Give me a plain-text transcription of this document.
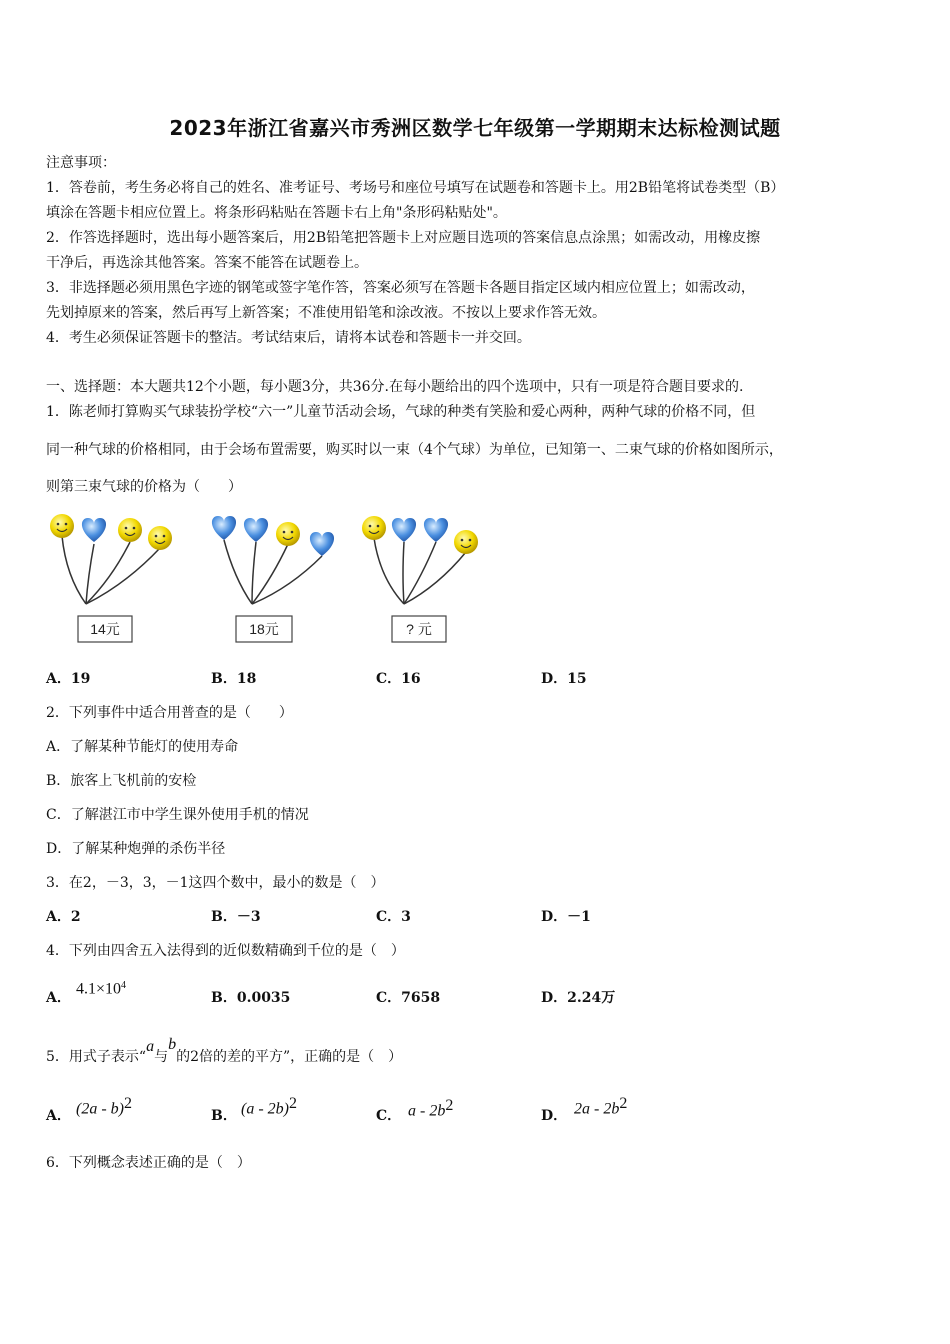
2023年浙江省嘉兴市秀洲区数学七年级第一学期期末达标检测试题
注意事项：
1．答卷前，考生务必将自己的姓名、准考证号、考场号和座位号填写在试题卷和答题卡上。用2B铅笔将试卷类型（B）
填涂在答题卡相应位置上。将条形码粘贴在答题卡右上角"条形码粘贴处"。
2．作答选择题时，选出每小题答案后，用2B铅笔把答题卡上对应题目选项的答案信息点涂黑；如需改动，用橡皮擦
干净后，再选涂其他答案。答案不能答在试题卷上。
3．非选择题必须用黑色字迹的钢笔或签字笔作答，答案必须写在答题卡各题目指定区域内相应位置上；如需改动，
先划掉原来的答案，然后再写上新答案；不准使用铅笔和涂改液。不按以上要求作答无效。
4．考生必须保证答题卡的整洁。考试结束后，请将本试卷和答题卡一并交回。
一、选择题：本大题共12个小题，每小题3分，共36分.在每小题给出的四个选项中，只有一项是符合题目要求的.
1．陈老师打算购买气球装扮学校“六一”儿童节活动会场，气球的种类有笑脸和爱心两种，两种气球的价格不同，但
同一种气球的价格相同，由于会场布置需要，购买时以一束（4个气球）为单位，已知第一、二束气球的价格如图所示，
则第三束气球的价格为（　　）
14元	18元	? 元
A．19	B．18	C．16	D．15
2．下列事件中适合用普查的是（　　）
A．了解某种节能灯的使用寿命
B．旅客上飞机前的安检
C．了解湛江市中学生课外使用手机的情况
D．了解某种炮弹的杀伤半径
3．在2，－3，3，－1这四个数中，最小的数是（　）
A．2	B．－3	C．3	D．－1
4．下列由四舍五入法得到的近似数精确到千位的是（　）
A．
$4.1\times 10^4$
B．0.0035	C．7658	D．2.24万
5．用式子表示“a与b的2倍的差的平方”，正确的是（　）
A． (2a - b)$^2$
B． (a - 2b)$^2$
C． a - $2b^2$
D． $2a - 2b^2$
6．下列概念表述正确的是（　）
